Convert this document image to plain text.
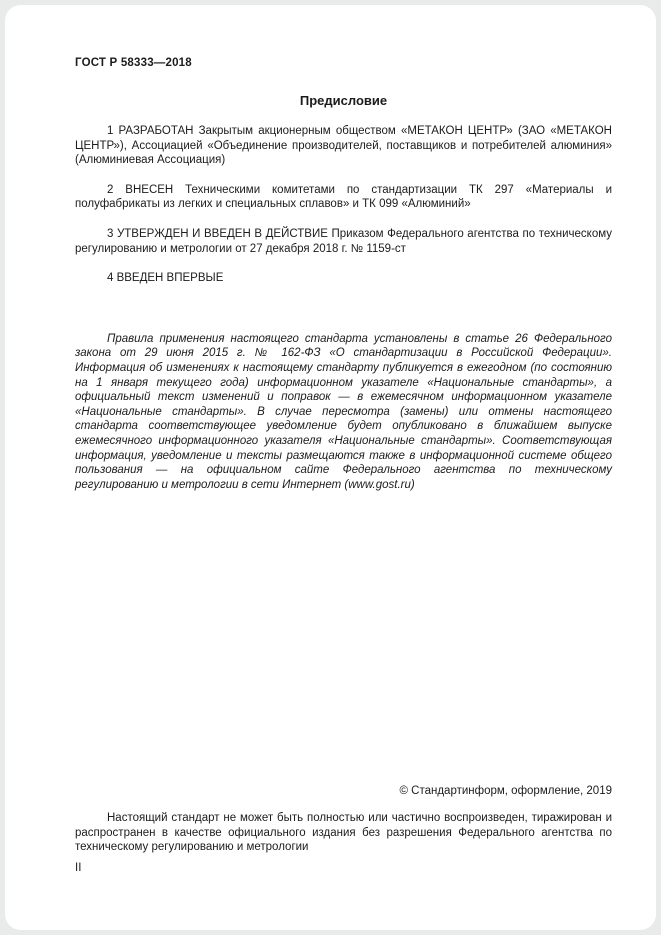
ГОСТ Р 58333—2018
Предисловие

1 РАЗРАБОТАН Закрытым акционерным обществом «МЕТАКОН ЦЕНТР» (ЗАО «МЕТАКОН ЦЕНТР»), Ассоциацией «Объединение производителей, поставщиков и потребителей алюминия» (Алюминиевая Ассоциация)

2 ВНЕСЕН Техническими комитетами по стандартизации ТК 297 «Материалы и полуфабрикаты из легких и специальных сплавов» и ТК 099 «Алюминий»

3 УТВЕРЖДЕН И ВВЕДЕН В ДЕЙСТВИЕ Приказом Федерального агентства по техническому регулированию и метрологии от 27 декабря 2018 г. № 1159-ст

4 ВВЕДЕН ВПЕРВЫЕ

Правила применения настоящего стандарта установлены в статье 26 Федерального закона от 29 июня 2015 г. № 162-ФЗ «О стандартизации в Российской Федерации». Информация об изменениях к настоящему стандарту публикуется в ежегодном (по состоянию на 1 января текущего года) информационном указателе «Национальные стандарты», а официальный текст изменений и поправок — в ежемесячном информационном указателе «Национальные стандарты». В случае пересмотра (замены) или отмены настоящего стандарта соответствующее уведомление будет опубликовано в ближайшем выпуске ежемесячного информационного указателя «Национальные стандарты». Соответствующая информация, уведомление и тексты размещаются также в информационной системе общего пользования — на официальном сайте Федерального агентства по техническому регулированию и метрологии в сети Интернет (www.gost.ru)

© Стандартинформ, оформление, 2019

Настоящий стандарт не может быть полностью или частично воспроизведен, тиражирован и распространен в качестве официального издания без разрешения Федерального агентства по техническому регулированию и метрологии

II
